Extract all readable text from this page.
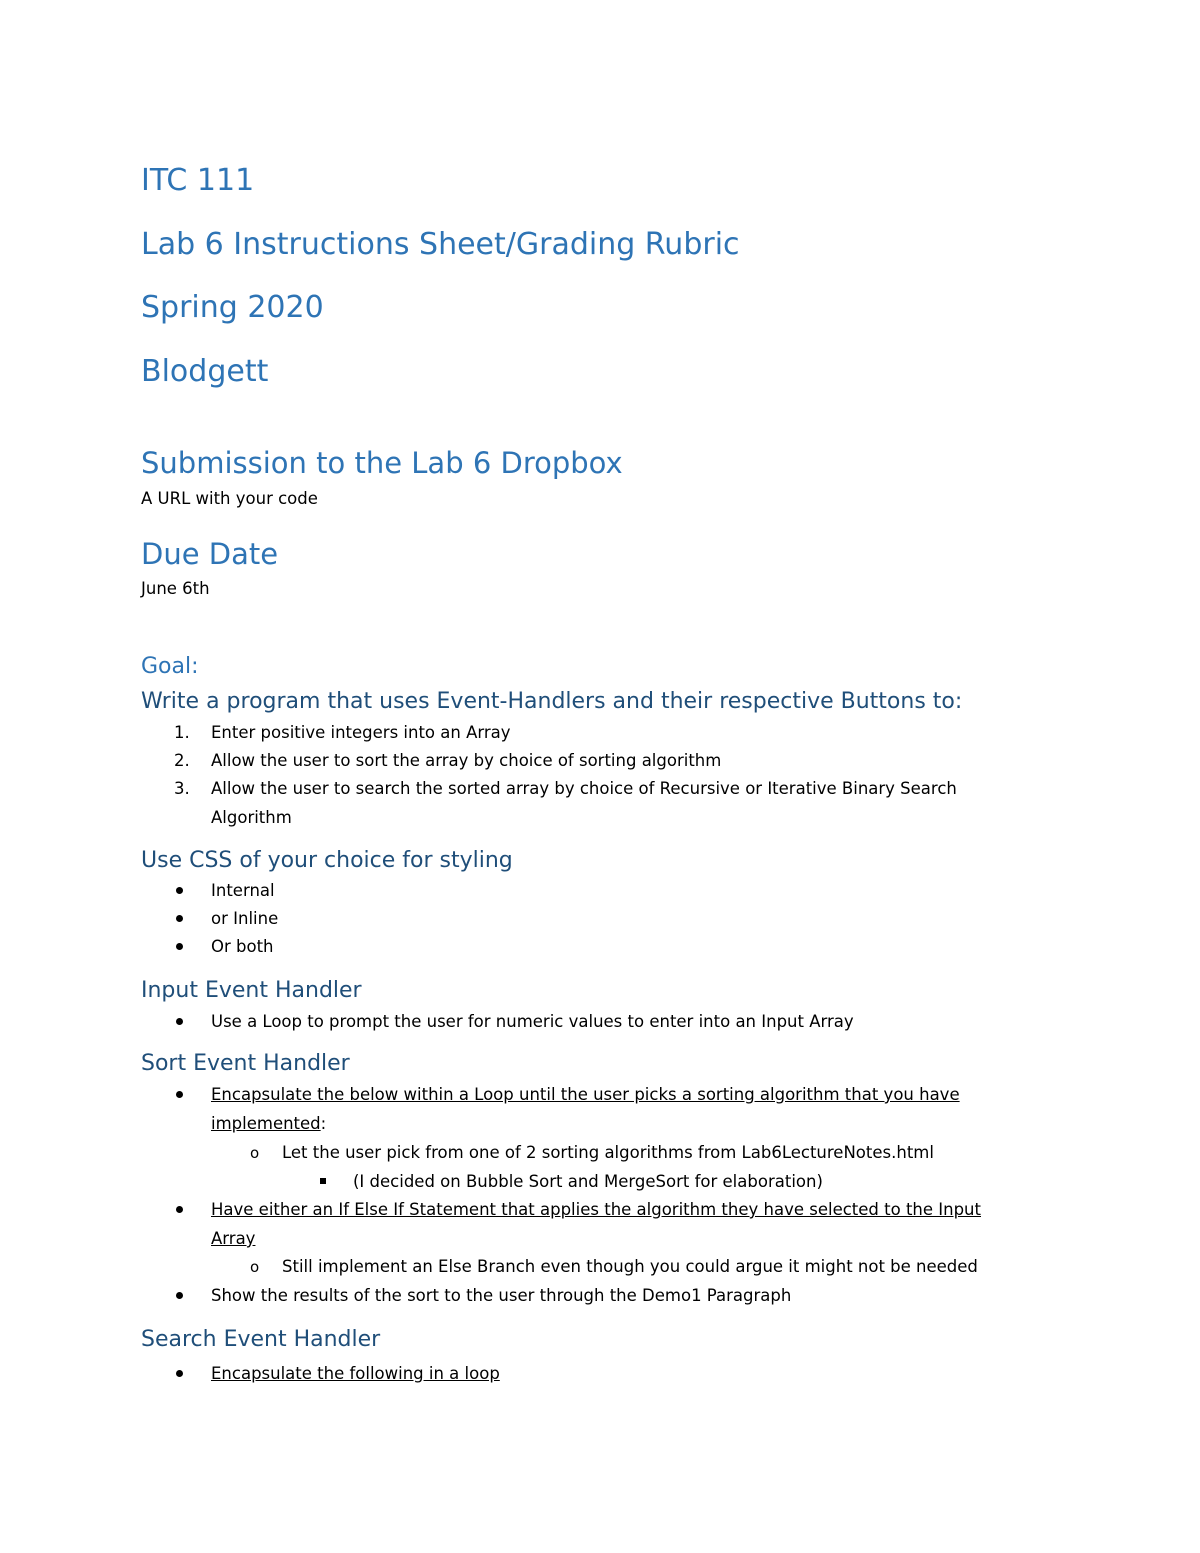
ITC 111
Lab 6 Instructions Sheet/Grading Rubric
Spring 2020
Blodgett
Submission to the Lab 6 Dropbox
A URL with your code
Due Date
June 6th
Goal:
Write a program that uses Event-Handlers and their respective Buttons to:
1. Enter positive integers into an Array
2. Allow the user to sort the array by choice of sorting algorithm
3. Allow the user to search the sorted array by choice of Recursive or Iterative Binary Search
Algorithm
Use CSS of your choice for styling
Internal
or Inline
Or both
Input Event Handler
Use a Loop to prompt the user for numeric values to enter into an Input Array
Sort Event Handler
Encapsulate the below within a Loop until the user picks a sorting algorithm that you have
implemented:
o Let the user pick from one of 2 sorting algorithms from Lab6LectureNotes.html
(I decided on Bubble Sort and MergeSort for elaboration)
Have either an If Else If Statement that applies the algorithm they have selected to the Input
Array
o Still implement an Else Branch even though you could argue it might not be needed
Show the results of the sort to the user through the Demo1 Paragraph
Search Event Handler
Encapsulate the following in a loop
